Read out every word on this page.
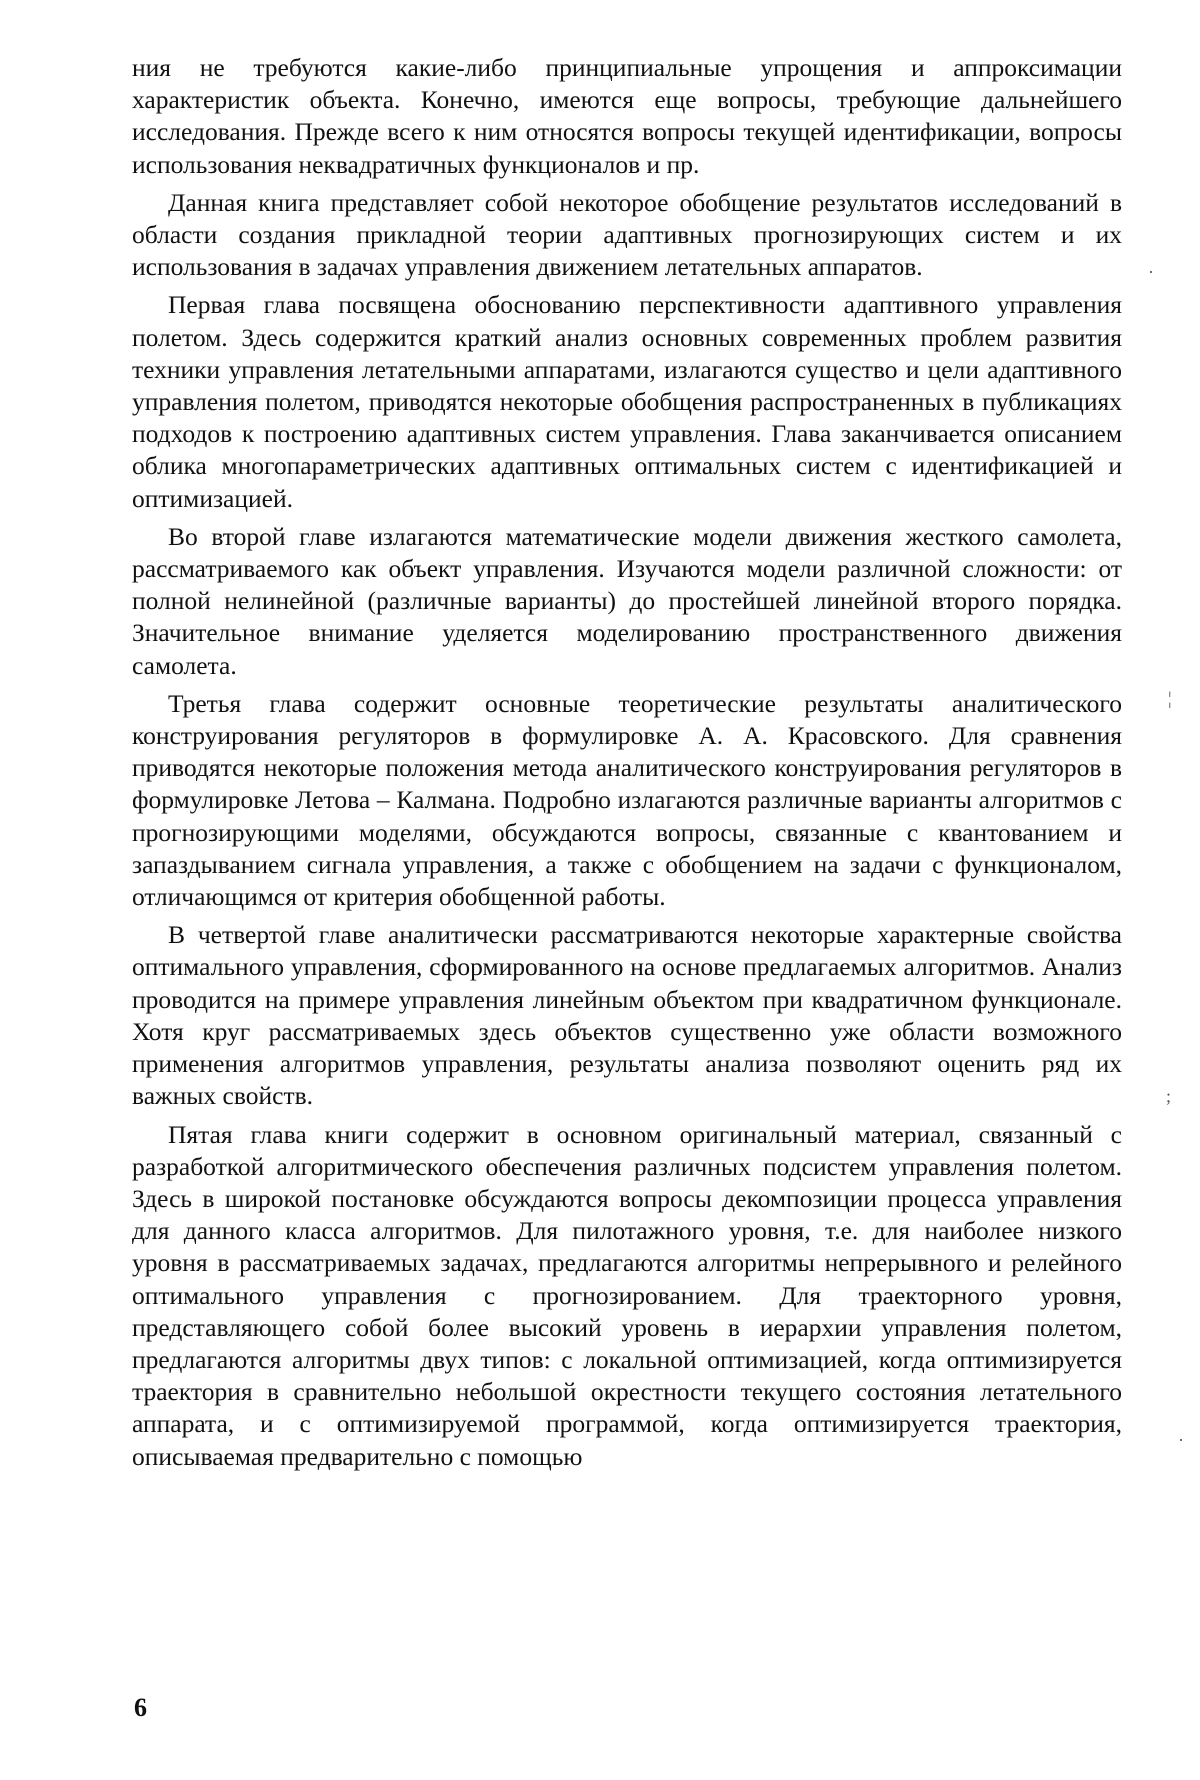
ния не требуются какие-либо принципиальные упрощения и аппроксимации характеристик объекта. Конечно, имеются еще вопросы, требующие дальнейшего исследования. Прежде всего к ним относятся вопросы текущей идентификации, вопросы использования неквадратичных функционалов и пр.

Данная книга представляет собой некоторое обобщение результатов исследований в области создания прикладной теории адаптивных прогнозирующих систем и их использования в задачах управления движением летательных аппаратов.

Первая глава посвящена обоснованию перспективности адаптивного управления полетом. Здесь содержится краткий анализ основных современных проблем развития техники управления летательными аппаратами, излагаются существо и цели адаптивного управления полетом, приводятся некоторые обобщения распространенных в публикациях подходов к построению адаптивных систем управления. Глава заканчивается описанием облика многопараметрических адаптивных оптимальных систем с идентификацией и оптимизацией.

Во второй главе излагаются математические модели движения жесткого самолета, рассматриваемого как объект управления. Изучаются модели различной сложности: от полной нелинейной (различные варианты) до простейшей линейной второго порядка. Значительное внимание уделяется моделированию пространственного движения самолета.

Третья глава содержит основные теоретические результаты аналитического конструирования регуляторов в формулировке А. А. Красовского. Для сравнения приводятся некоторые положения метода аналитического конструирования регуляторов в формулировке Летова – Калмана. Подробно излагаются различные варианты алгоритмов с прогнозирующими моделями, обсуждаются вопросы, связанные с квантованием и запаздыванием сигнала управления, а также с обобщением на задачи с функционалом, отличающимся от критерия обобщенной работы.

В четвертой главе аналитически рассматриваются некоторые характерные свойства оптимального управления, сформированного на основе предлагаемых алгоритмов. Анализ проводится на примере управления линейным объектом при квадратичном функционале. Хотя круг рассматриваемых здесь объектов существенно уже области возможного применения алгоритмов управления, результаты анализа позволяют оценить ряд их важных свойств.

Пятая глава книги содержит в основном оригинальный материал, связанный с разработкой алгоритмического обеспечения различных подсистем управления полетом. Здесь в широкой постановке обсуждаются вопросы декомпозиции процесса управления для данного класса алгоритмов. Для пилотажного уровня, т.е. для наиболее низкого уровня в рассматриваемых задачах, предлагаются алгоритмы непрерывного и релейного оптимального управления с прогнозированием. Для траекторного уровня, представляющего собой более высокий уровень в иерархии управления полетом, предлагаются алгоритмы двух типов: с локальной оптимизацией, когда оптимизируется траектория в сравнительно небольшой окрестности текущего состояния летательного аппарата, и с оптимизируемой программой, когда оптимизируется траектория, описываемая предварительно с помощью

6
·
¦
;
·
